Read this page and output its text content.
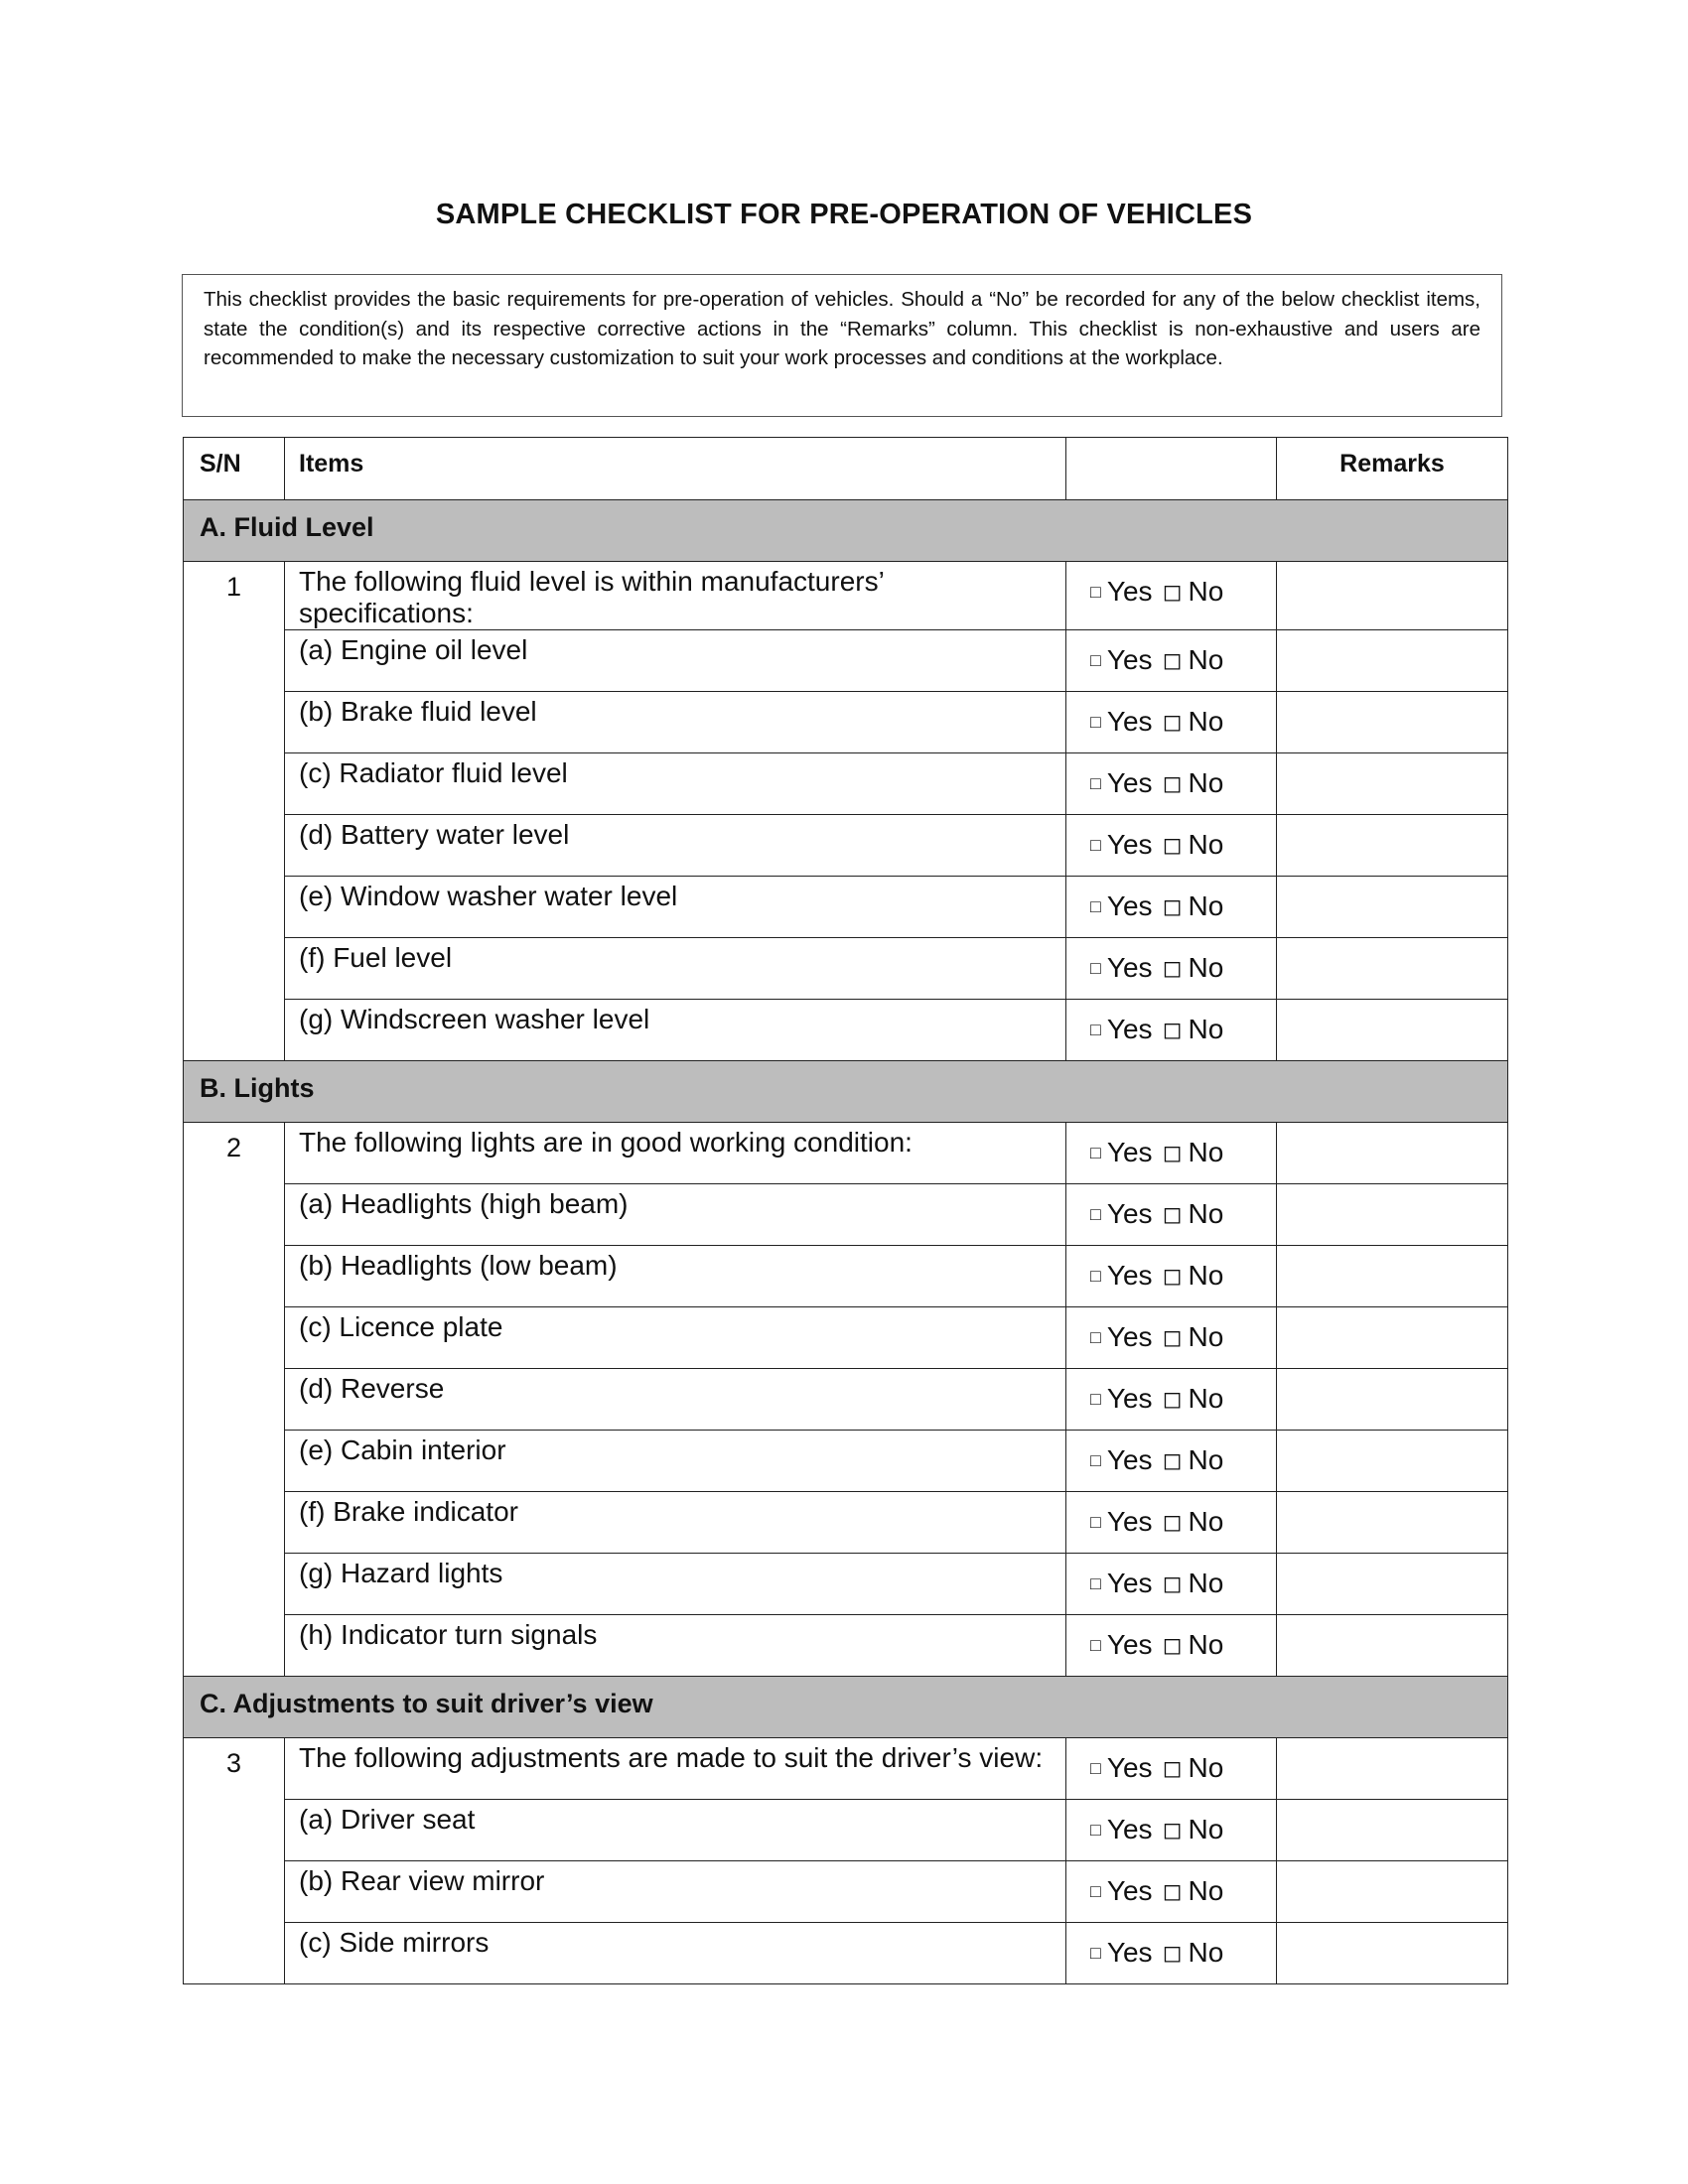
SAMPLE CHECKLIST FOR PRE-OPERATION OF VEHICLES
This checklist provides the basic requirements for pre-operation of vehicles. Should a “No” be recorded for any of the below checklist items, state the condition(s) and its respective corrective actions in the “Remarks” column. This checklist is non-exhaustive and users are recommended to make the necessary customization to suit your work processes and conditions at the workplace.
S/N	Items		Remarks
A. Fluid Level			
1	The following fluid level is within manufacturers’ specifications:	□ Yes ◻ No	
	(a) Engine oil level	□ Yes ◻ No	
	(b) Brake fluid level	□ Yes ◻ No	
	(c) Radiator fluid level	□ Yes ◻ No	
	(d) Battery water level	□ Yes ◻ No	
	(e) Window washer water level	□ Yes ◻ No	
	(f) Fuel level	□ Yes ◻ No	
	(g) Windscreen washer level	□ Yes ◻ No	
B. Lights			
2	The following lights are in good working condition:	□ Yes ◻ No	
	(a) Headlights (high beam)	□ Yes ◻ No	
	(b) Headlights (low beam)	□ Yes ◻ No	
	(c) Licence plate	□ Yes ◻ No	
	(d) Reverse	□ Yes ◻ No	
	(e) Cabin interior	□ Yes ◻ No	
	(f) Brake indicator	□ Yes ◻ No	
	(g) Hazard lights	□ Yes ◻ No	
	(h) Indicator turn signals	□ Yes ◻ No	
C. Adjustments to suit driver’s view			
3	The following adjustments are made to suit the driver’s view:	□ Yes ◻ No	
	(a) Driver seat	□ Yes ◻ No	
	(b) Rear view mirror	□ Yes ◻ No	
	(c) Side mirrors	□ Yes ◻ No	
